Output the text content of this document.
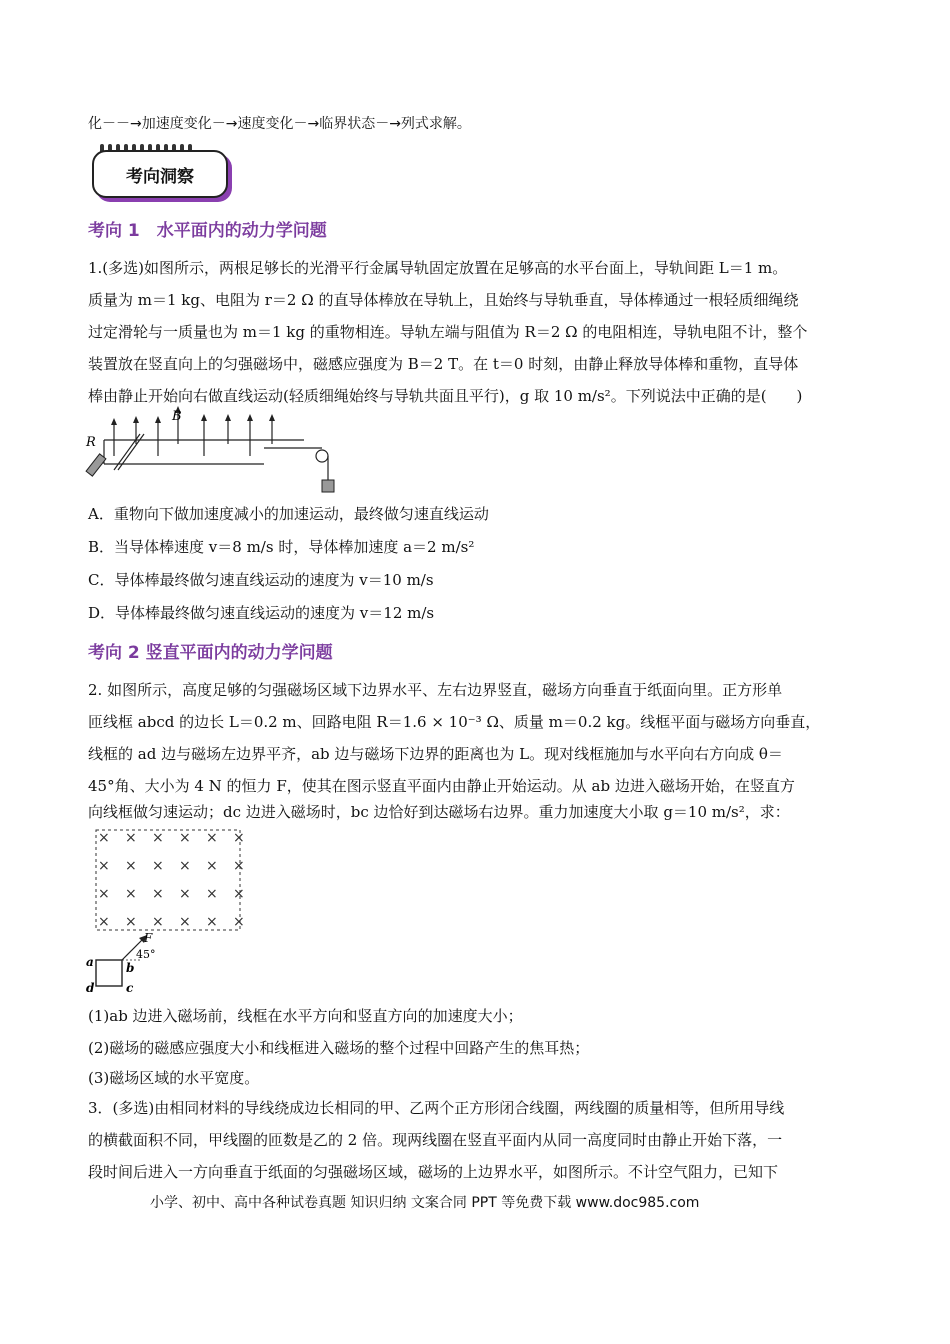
化－－→加速度变化－→速度变化－→临界状态－→列式求解。
考向洞察
考向 1　水平面内的动力学问题
1.(多选)如图所示，两根足够长的光滑平行金属导轨固定放置在足够高的水平台面上，导轨间距 L＝1 m。
质量为 m＝1 kg、电阻为 r＝2 Ω 的直导体棒放在导轨上，且始终与导轨垂直，导体棒通过一根轻质细绳绕
过定滑轮与一质量也为 m＝1 kg 的重物相连。导轨左端与阻值为 R＝2 Ω 的电阻相连，导轨电阻不计，整个
装置放在竖直向上的匀强磁场中，磁感应强度为 B＝2 T。在 t＝0 时刻，由静止释放导体棒和重物，直导体
棒由静止开始向右做直线运动(轻质细绳始终与导轨共面且平行)，g 取 10 m/s²。下列说法中正确的是(　　)
R
B
A．重物向下做加速度减小的加速运动，最终做匀速直线运动
B．当导体棒速度 v＝8 m/s 时，导体棒加速度 a＝2 m/s²
C．导体棒最终做匀速直线运动的速度为 v＝10 m/s
D．导体棒最终做匀速直线运动的速度为 v＝12 m/s
考向 2 竖直平面内的动力学问题
2. 如图所示，高度足够的匀强磁场区域下边界水平、左右边界竖直，磁场方向垂直于纸面向里。正方形单
匝线框 abcd 的边长 L＝0.2 m、回路电阻 R＝1.6 × 10⁻³ Ω、质量 m＝0.2 kg。线框平面与磁场方向垂直，
线框的 ad 边与磁场左边界平齐，ab 边与磁场下边界的距离也为 L。现对线框施加与水平向右方向成 θ＝
45°角、大小为 4 N 的恒力 F，使其在图示竖直平面内由静止开始运动。从 ab 边进入磁场开始，在竖直方
向线框做匀速运动；dc 边进入磁场时，bc 边恰好到达磁场右边界。重力加速度大小取 g＝10 m/s²，求：
× × × × × ×
× × × × × ×
× × × × × ×
× × × × × ×
F
45°
a	b
c
d
(1)ab 边进入磁场前，线框在水平方向和竖直方向的加速度大小；
(2)磁场的磁感应强度大小和线框进入磁场的整个过程中回路产生的焦耳热；
(3)磁场区域的水平宽度。
3．(多选)由相同材料的导线绕成边长相同的甲、乙两个正方形闭合线圈，两线圈的质量相等，但所用导线
的横截面积不同，甲线圈的匝数是乙的 2 倍。现两线圈在竖直平面内从同一高度同时由静止开始下落，一
段时间后进入一方向垂直于纸面的匀强磁场区域，磁场的上边界水平，如图所示。不计空气阻力，已知下
小学、初中、高中各种试卷真题 知识归纳 文案合同 PPT 等免费下载 www.doc985.com
